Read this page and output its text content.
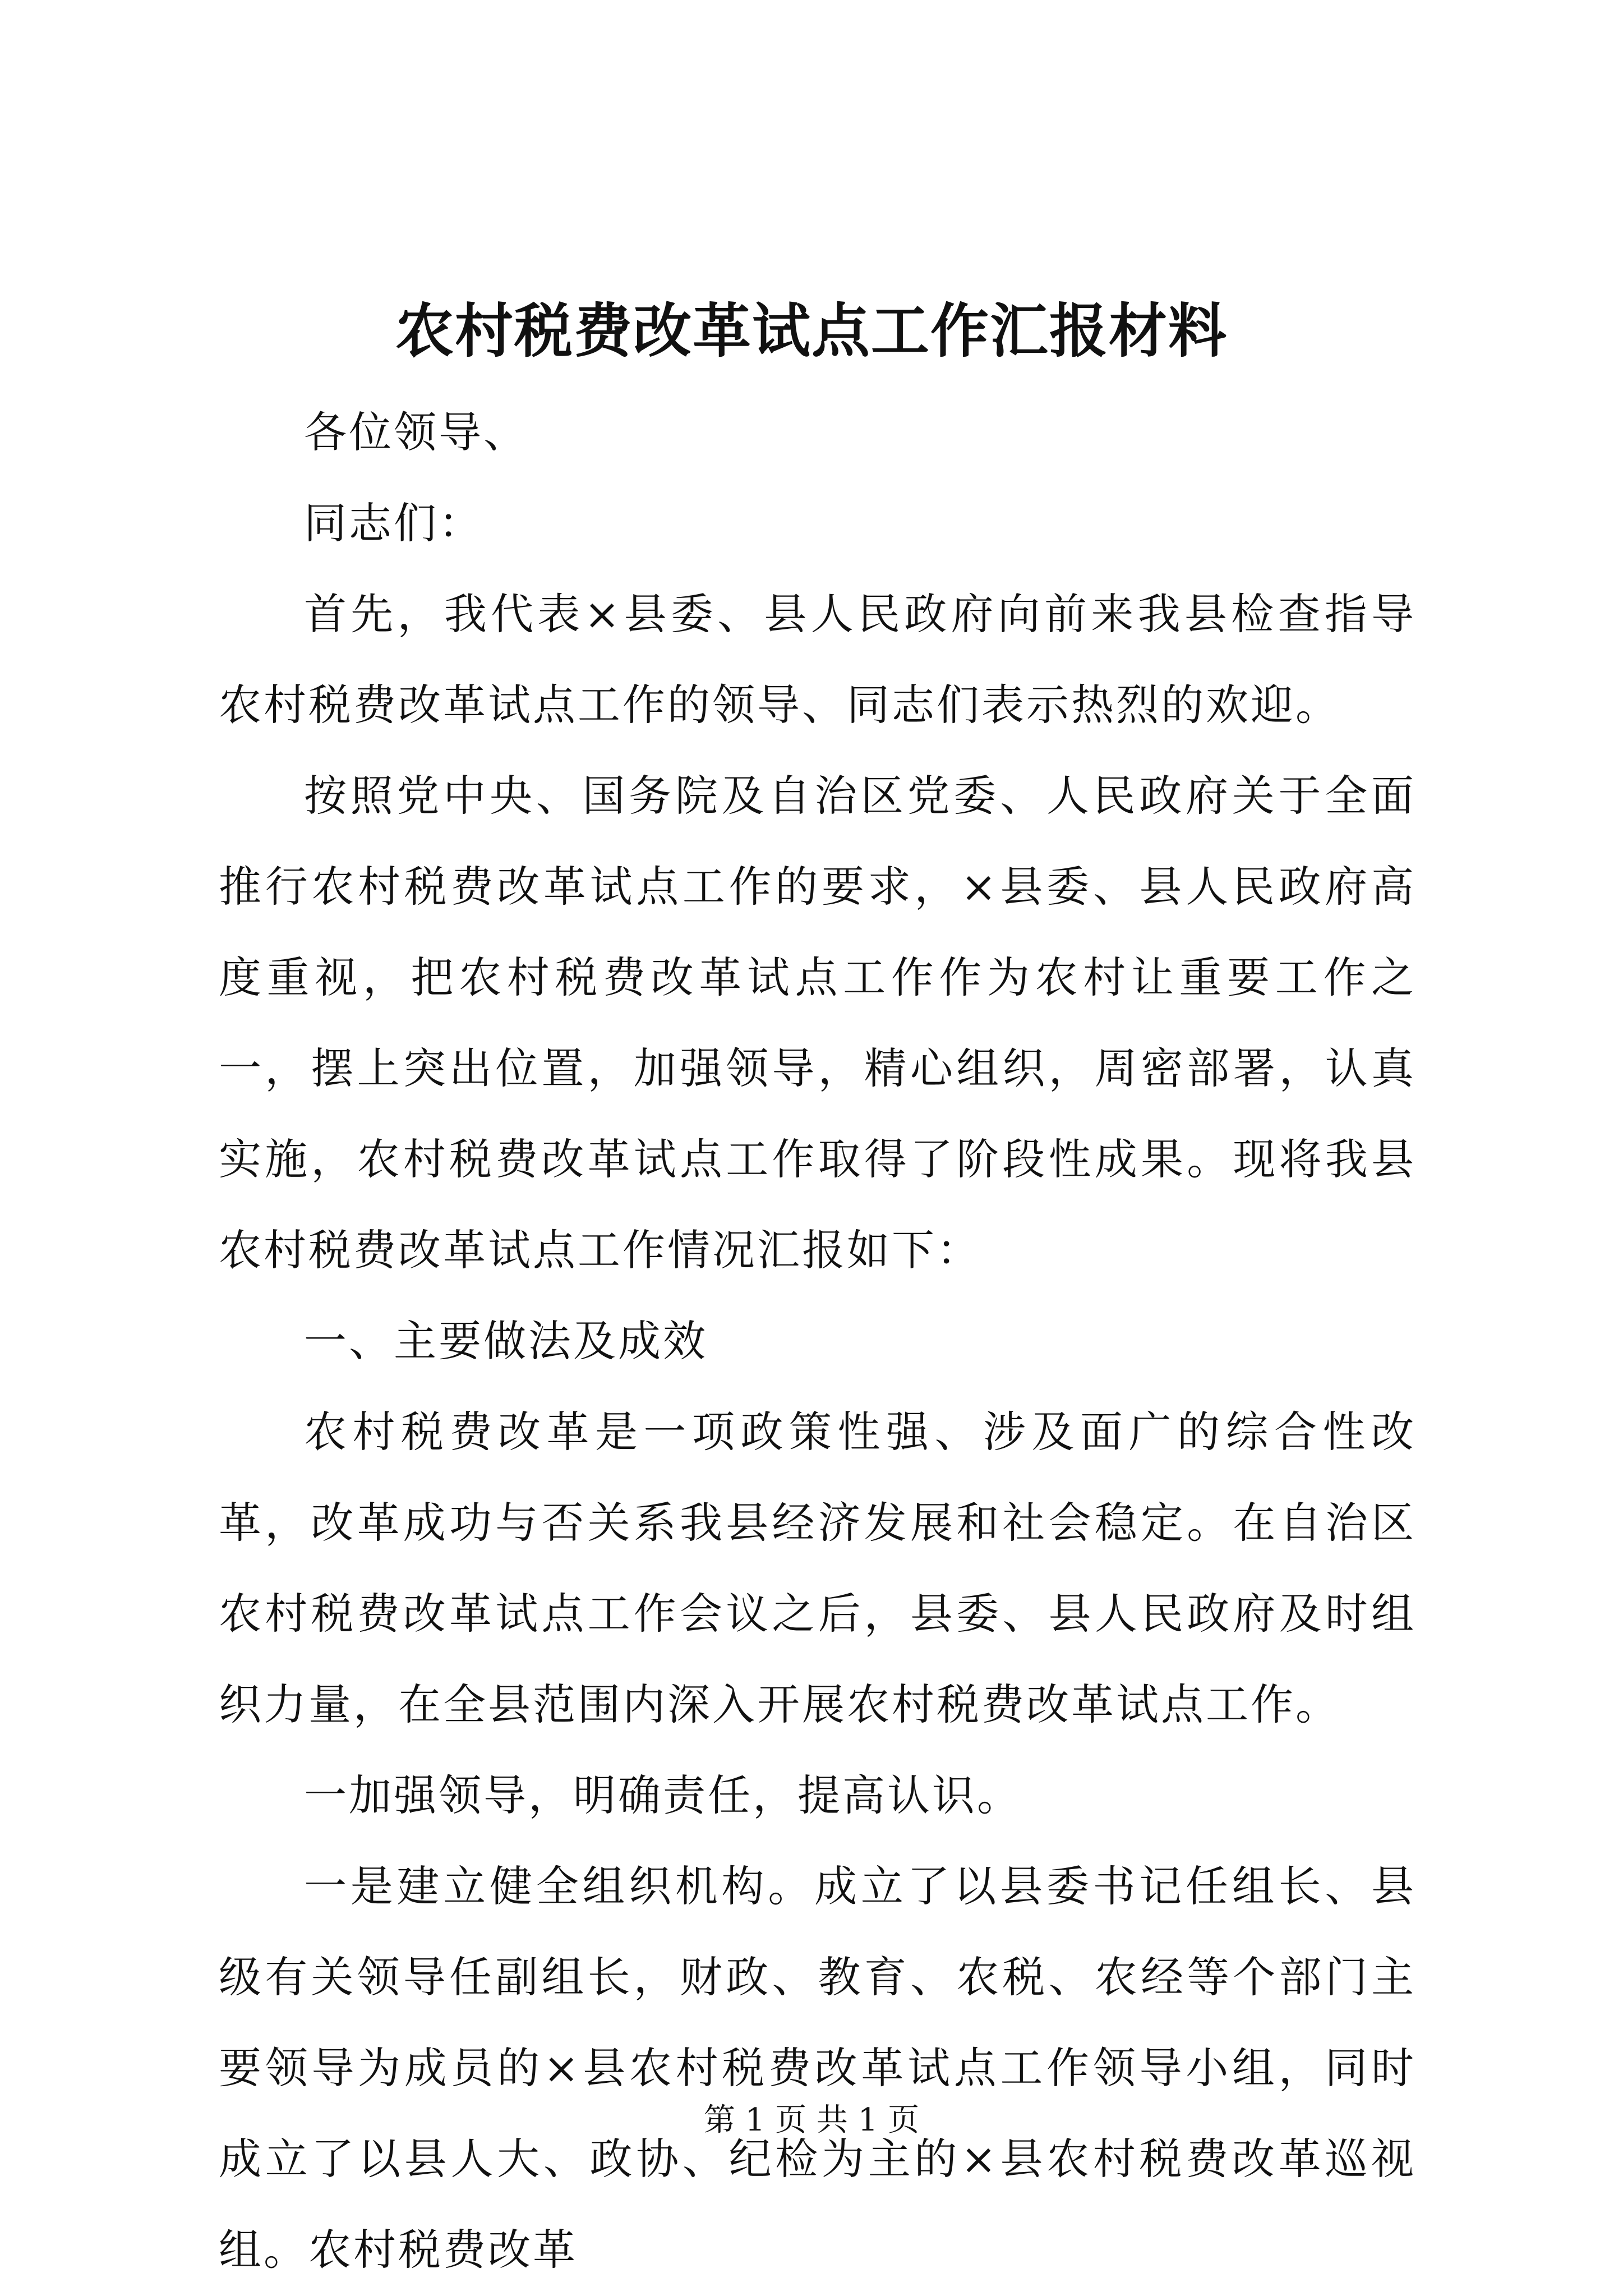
农村税费改革试点工作汇报材料

各位领导、

同志们：

首先，我代表×县委、县人民政府向前来我县检查指导农村税费改革试点工作的领导、同志们表示热烈的欢迎。

按照党中央、国务院及自治区党委、人民政府关于全面推行农村税费改革试点工作的要求，×县委、县人民政府高度重视，把农村税费改革试点工作作为农村让重要工作之一，摆上突出位置，加强领导，精心组织，周密部署，认真实施，农村税费改革试点工作取得了阶段性成果。现将我县农村税费改革试点工作情况汇报如下：

一、主要做法及成效

农村税费改革是一项政策性强、涉及面广的综合性改革，改革成功与否关系我县经济发展和社会稳定。在自治区农村税费改革试点工作会议之后，县委、县人民政府及时组织力量，在全县范围内深入开展农村税费改革试点工作。

一加强领导，明确责任，提高认识。

一是建立健全组织机构。成立了以县委书记任组长、县级有关领导任副组长，财政、教育、农税、农经等个部门主要领导为成员的×县农村税费改革试点工作领导小组，同时成立了以县人大、政协、纪检为主的×县农村税费改革巡视组。农村税费改革

第 1 页 共 1 页
